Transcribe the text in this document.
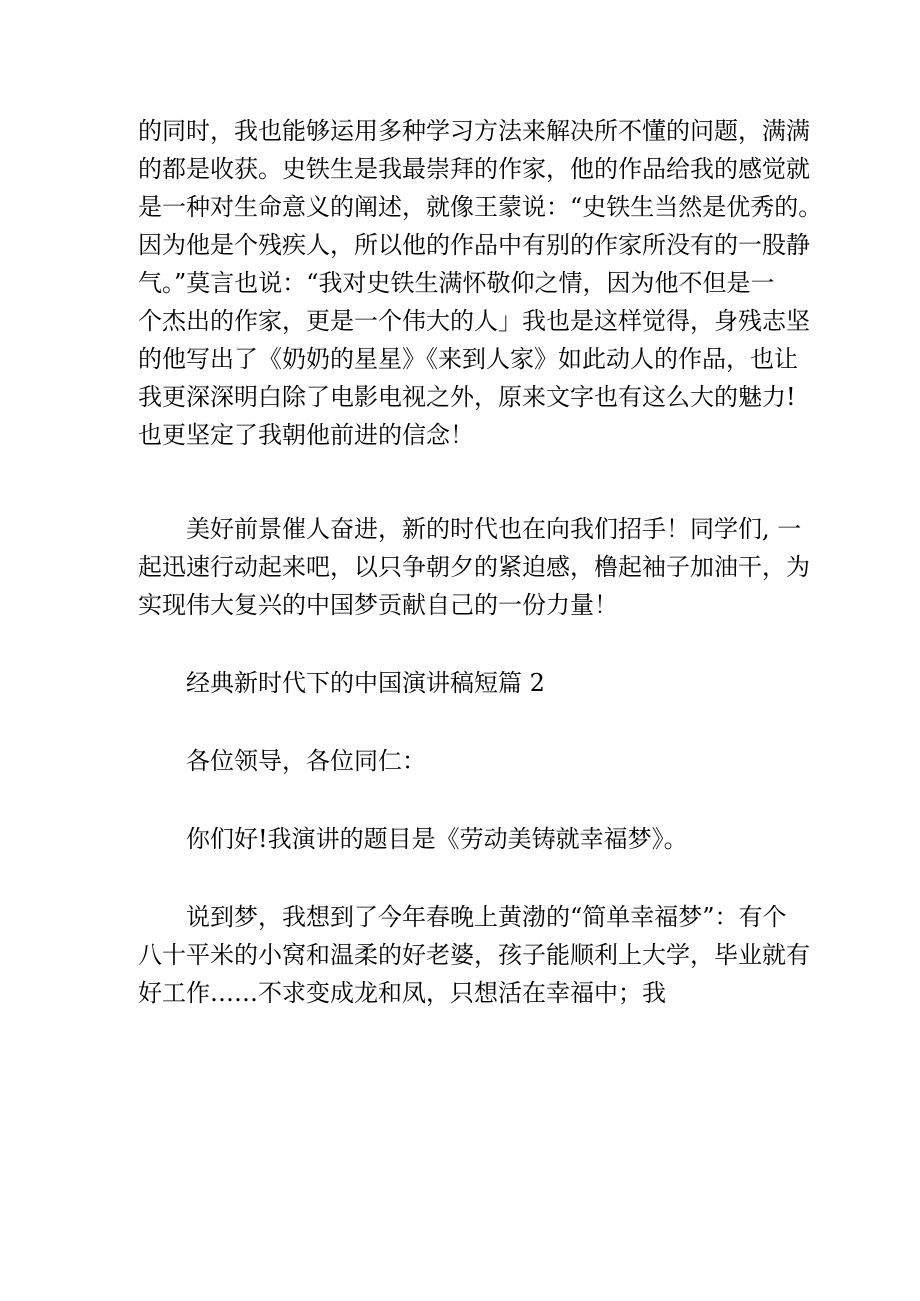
的同时，我也能够运用多种学习方法来解决所不懂的问题，满满
的都是收获。史铁生是我最崇拜的作家，他的作品给我的感觉就
是一种对生命意义的阐述，就像王蒙说：“史铁生当然是优秀的。
因为他是个残疾人，所以他的作品中有别的作家所没有的一股静
气。”莫言也说：“我对史铁生满怀敬仰之情，因为他不但是一
个杰出的作家，更是一个伟大的人」我也是这样觉得，身残志坚
的他写出了《奶奶的星星》《来到人家》如此动人的作品，也让
我更深深明白除了电影电视之外，原来文字也有这么大的魅力!
也更坚定了我朝他前进的信念！
美好前景催人奋进，新的时代也在向我们招手！同学们, 一
起迅速行动起来吧，以只争朝夕的紧迫感，橹起袖子加油干，为
实现伟大复兴的中国梦贡献自己的一份力量！
经典新时代下的中国演讲稿短篇 2
各位领导，各位同仁：
你们好!我演讲的题目是《劳动美铸就幸福梦》。
说到梦，我想到了今年春晚上黄渤的“简单幸福梦”：有个
八十平米的小窝和温柔的好老婆，孩子能顺利上大学，毕业就有
好工作……不求变成龙和凤，只想活在幸福中；我
